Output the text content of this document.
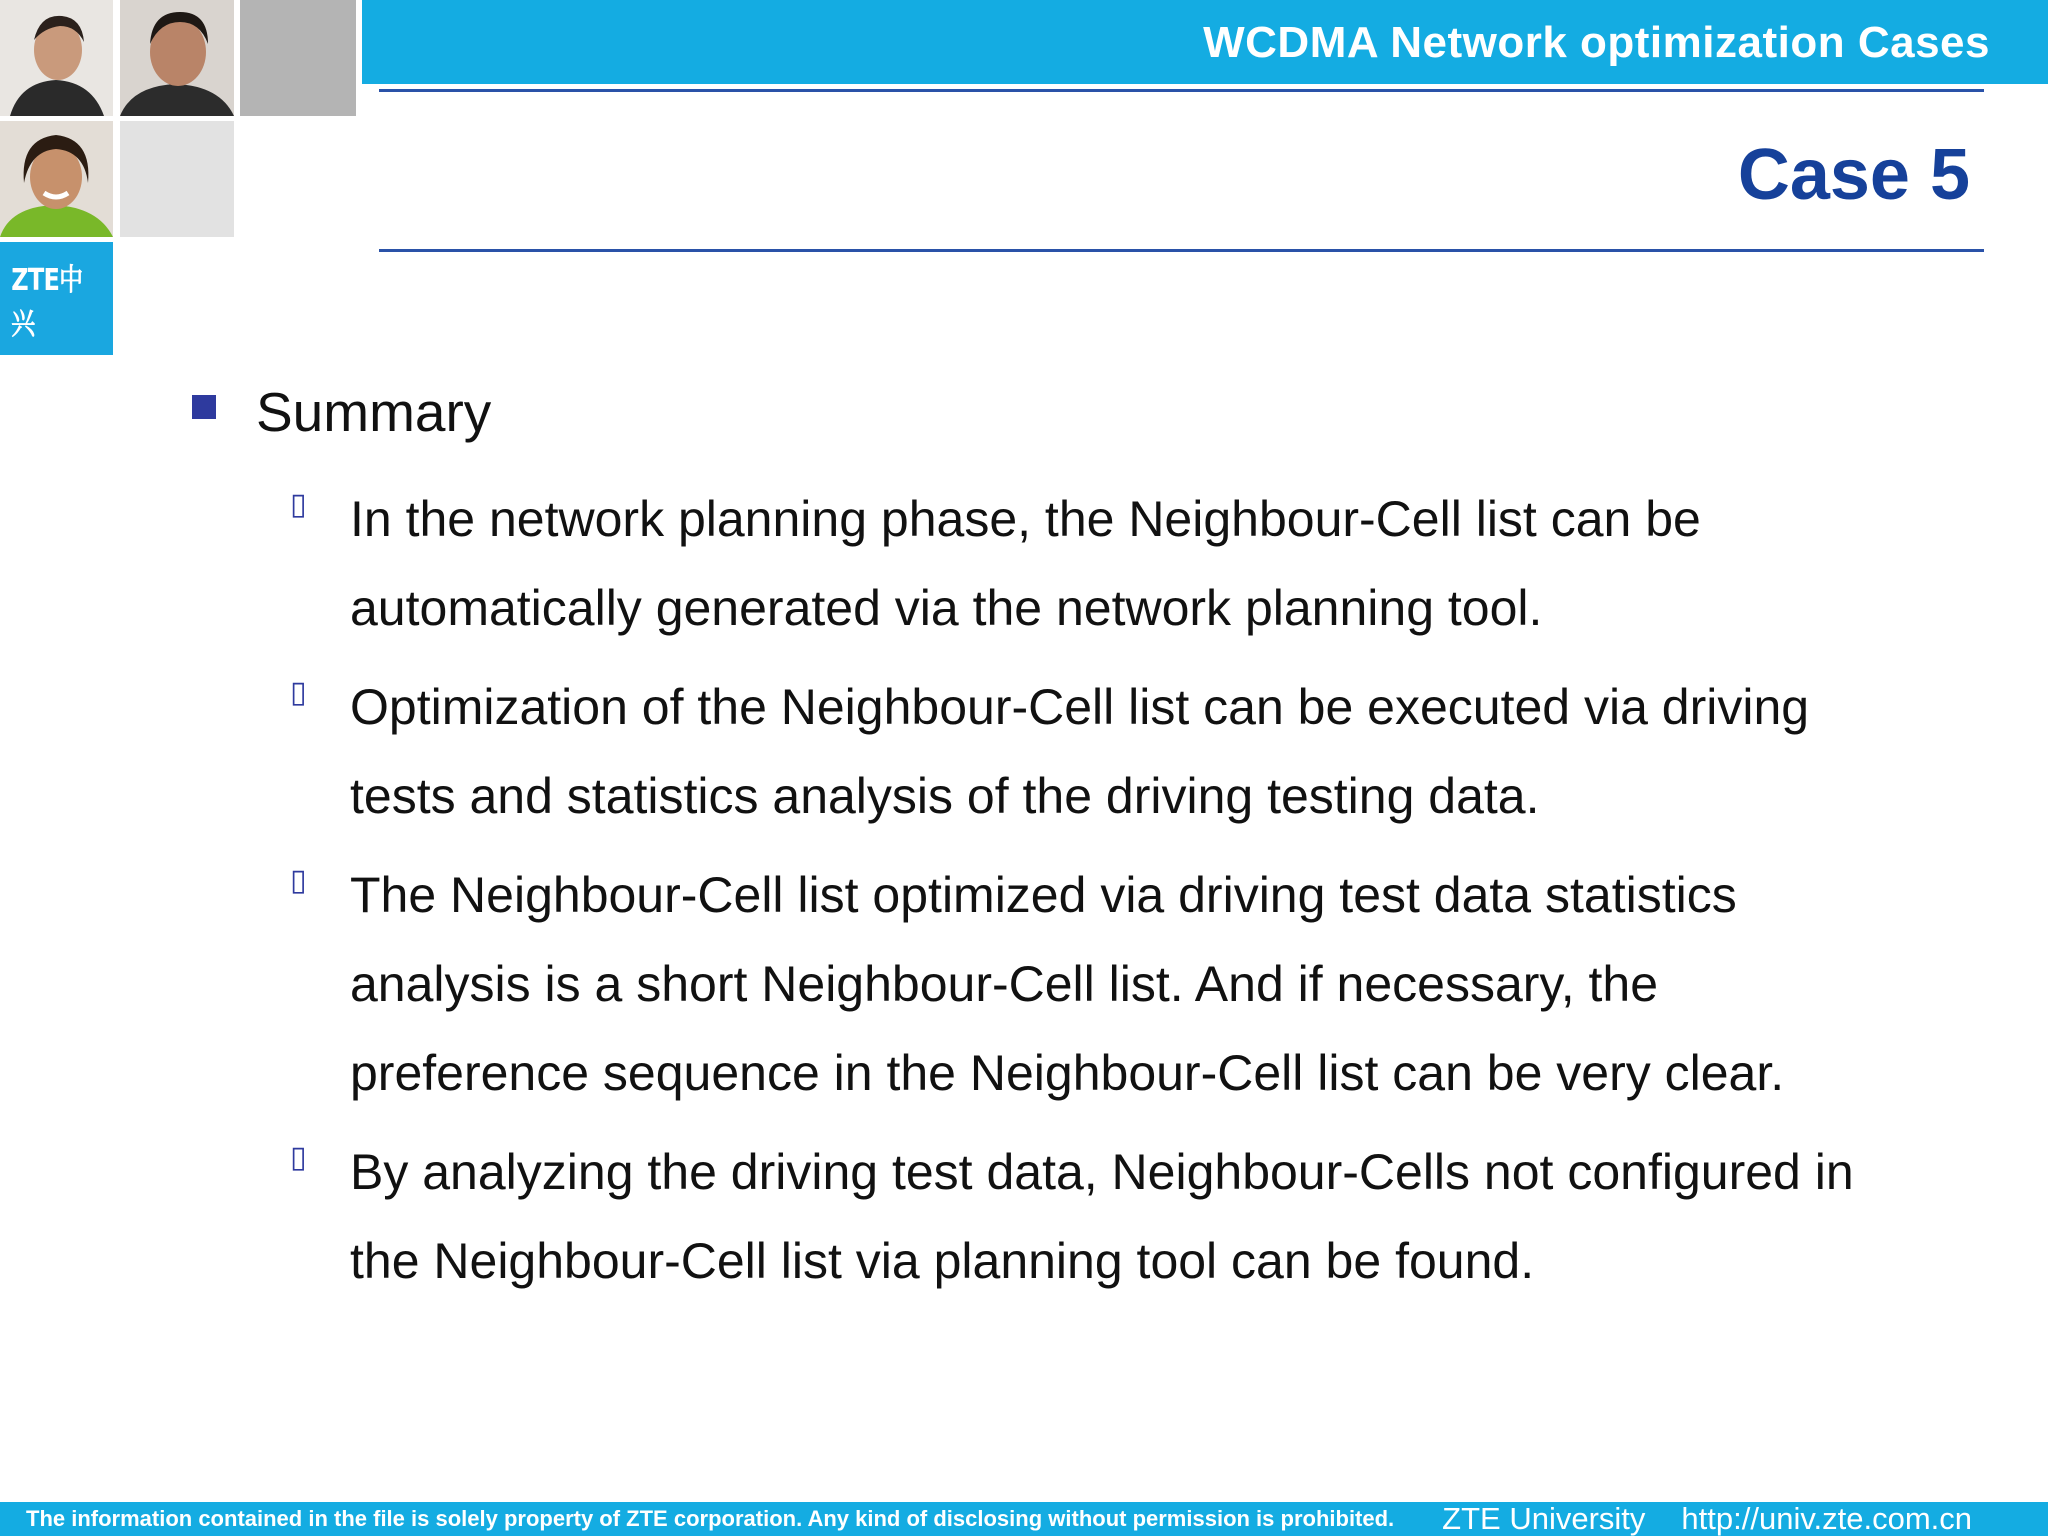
ZTE中兴
WCDMA Network optimization Cases
Case 5
Summary
▯ In the network planning phase, the Neighbour-Cell list can be automatically generated via the network planning tool.
▯ Optimization of the Neighbour-Cell list can be executed via driving tests and statistics analysis of the driving testing data.
▯ The Neighbour-Cell list optimized via driving test data statistics analysis is a short Neighbour-Cell list. And if necessary, the preference sequence in the Neighbour-Cell list can be very clear.
▯ By analyzing the driving test data, Neighbour-Cells not configured in the Neighbour-Cell list via planning tool can be found.
The information contained in the file is solely property of ZTE corporation. Any kind of disclosing without permission is prohibited. ZTE University http://univ.zte.com.cn
